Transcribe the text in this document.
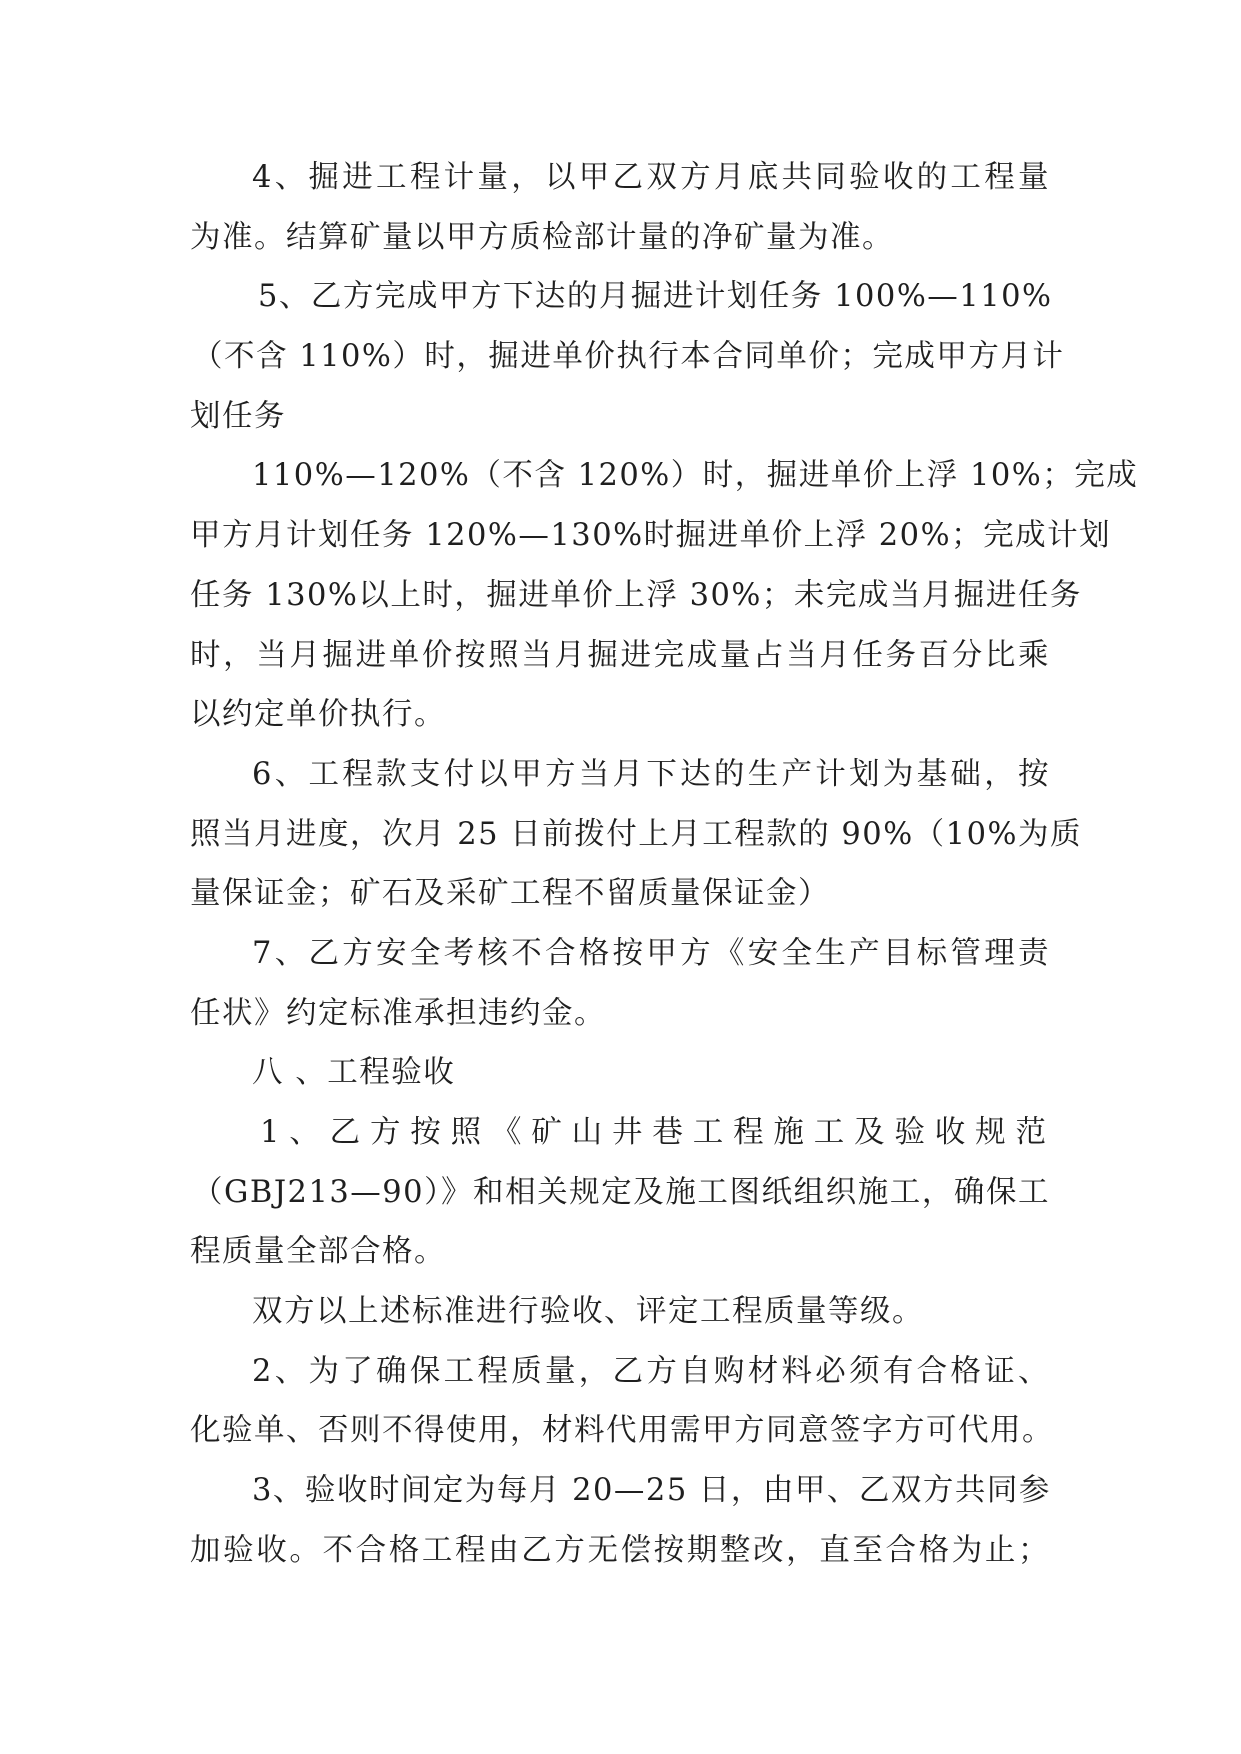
4、掘进工程计量，以甲乙双方月底共同验收的工程量
为准。结算矿量以甲方质检部计量的净矿量为准。
5、乙方完成甲方下达的月掘进计划任务 100%—110%
（不含 110%）时，掘进单价执行本合同单价；完成甲方月计
划任务
110%—120%（不含 120%）时，掘进单价上浮 10%；完成
甲方月计划任务 120%—130%时掘进单价上浮 20%；完成计划
任务 130%以上时，掘进单价上浮 30%；未完成当月掘进任务
时，当月掘进单价按照当月掘进完成量占当月任务百分比乘
以约定单价执行。
6、工程款支付以甲方当月下达的生产计划为基础，按
照当月进度，次月 25 日前拨付上月工程款的 90%（10%为质
量保证金；矿石及采矿工程不留质量保证金）
7、乙方安全考核不合格按甲方《安全生产目标管理责
任状》约定标准承担违约金。
八 、工程验收
1、乙方按照《矿山井巷工程施工及验收规范
（GBJ213—90）》和相关规定及施工图纸组织施工，确保工
程质量全部合格。
双方以上述标准进行验收、评定工程质量等级。
2、为了确保工程质量，乙方自购材料必须有合格证、
化验单、否则不得使用，材料代用需甲方同意签字方可代用。
3、验收时间定为每月 20—25 日，由甲、乙双方共同参
加验收。不合格工程由乙方无偿按期整改，直至合格为止；
